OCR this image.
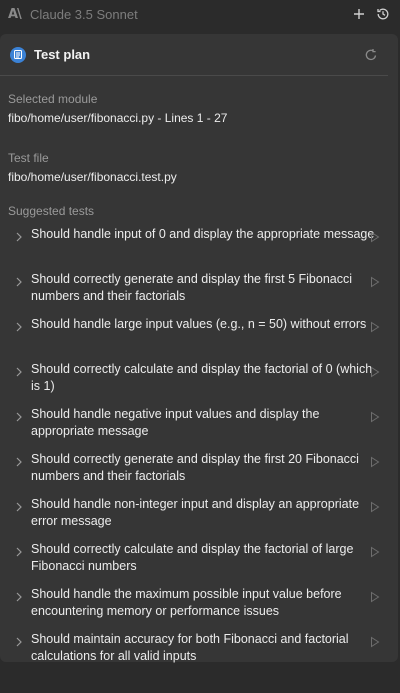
A\ Claude 3.5 Sonnet
Test plan
Selected module
fibo/home/user/fibonacci.py - Lines 1 - 27
Test file
fibo/home/user/fibonacci.test.py
Suggested tests
Should handle input of 0 and display the appropriate message
Should correctly generate and display the first 5 Fibonacci numbers and their factorials
Should handle large input values (e.g., n = 50) without errors
Should correctly calculate and display the factorial of 0 (which is 1)
Should handle negative input values and display the appropriate message
Should correctly generate and display the first 20 Fibonacci numbers and their factorials
Should handle non-integer input and display an appropriate error message
Should correctly calculate and display the factorial of large Fibonacci numbers
Should handle the maximum possible input value before encountering memory or performance issues
Should maintain accuracy for both Fibonacci and factorial calculations for all valid inputs
